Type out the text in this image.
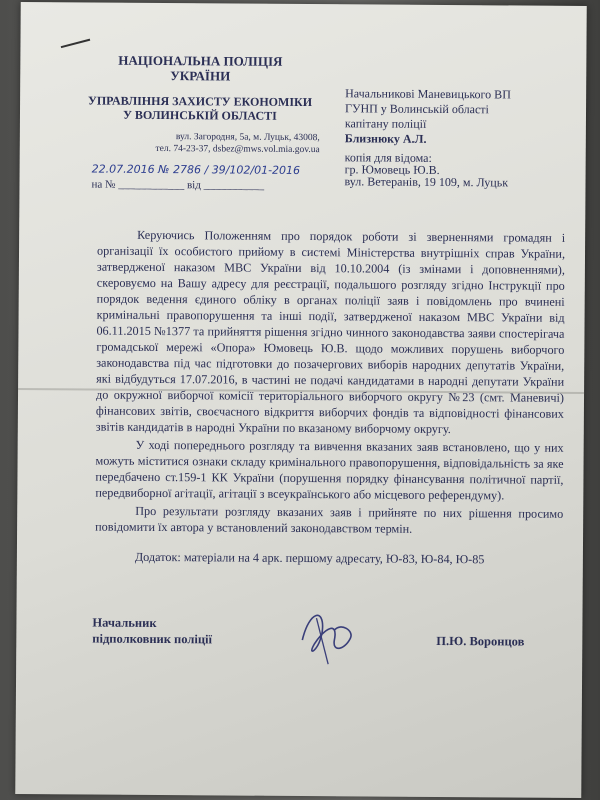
НАЦІОНАЛЬНА ПОЛІЦІЯ

УКРАЇНИ

УПРАВЛІННЯ ЗАХИСТУ ЕКОНОМІКИ

У ВОЛИНСЬКІЙ ОБЛАСТІ

вул. Загородня, 5а, м. Луцьк, 43008,

тел. 74-23-37, dsbez@mws.vol.mia.gov.ua

22.07.2016 № 2786 / 39/102/01-2016

на № ____________ від ___________

Начальникові Маневицького ВП

ГУНП у Волинській області

капітану поліції

Близнюку А.Л.

копія для відома:

гр. Юмовець Ю.В.

вул. Ветеранів, 19 109, м. Луцьк

Керуючись Положенням про порядок роботи зі зверненнями громадян і організації їх особистого прийому в системі Міністерства внутрішніх справ України, затвердженої наказом МВС України від 10.10.2004 (із змінами і доповненнями), скеровуємо на Вашу адресу для реєстрації, подальшого розгляду згідно Інструкції про порядок ведення єдиного обліку в органах поліції заяв і повідомлень про вчинені кримінальні правопорушення та інші події, затвердженої наказом МВС України від 06.11.2015 №1377 та прийняття рішення згідно чинного законодавства заяви спостерігача громадської мережі «Опора» Юмовець Ю.В. щодо можливих порушень виборчого законодавства під час підготовки до позачергових виборів народних депутатів України, які відбудуться 17.07.2016, в частині не подачі кандидатами в народні депутати України до окружної виборчої комісії територіального виборчого округу №23 (смт. Маневичі) фінансових звітів, своєчасного відкриття виборчих фондів та відповідності фінансових звітів кандидатів в народні України по вказаному виборчому округу.

У ході попереднього розгляду та вивчення вказаних заяв встановлено, що у них можуть міститися ознаки складу кримінального правопорушення, відповідальність за яке передбачено ст.159-1 КК України (порушення порядку фінансування політичної партії, передвиборної агітації, агітації з всеукраїнського або місцевого референдуму).

Про результати розгляду вказаних заяв і прийняте по них рішення просимо повідомити їх автора у встановлений законодавством термін.

Додаток: матеріали на 4 арк. першому адресату, Ю-83, Ю-84, Ю-85

Начальник

підполковник поліції	П.Ю. Воронцов
